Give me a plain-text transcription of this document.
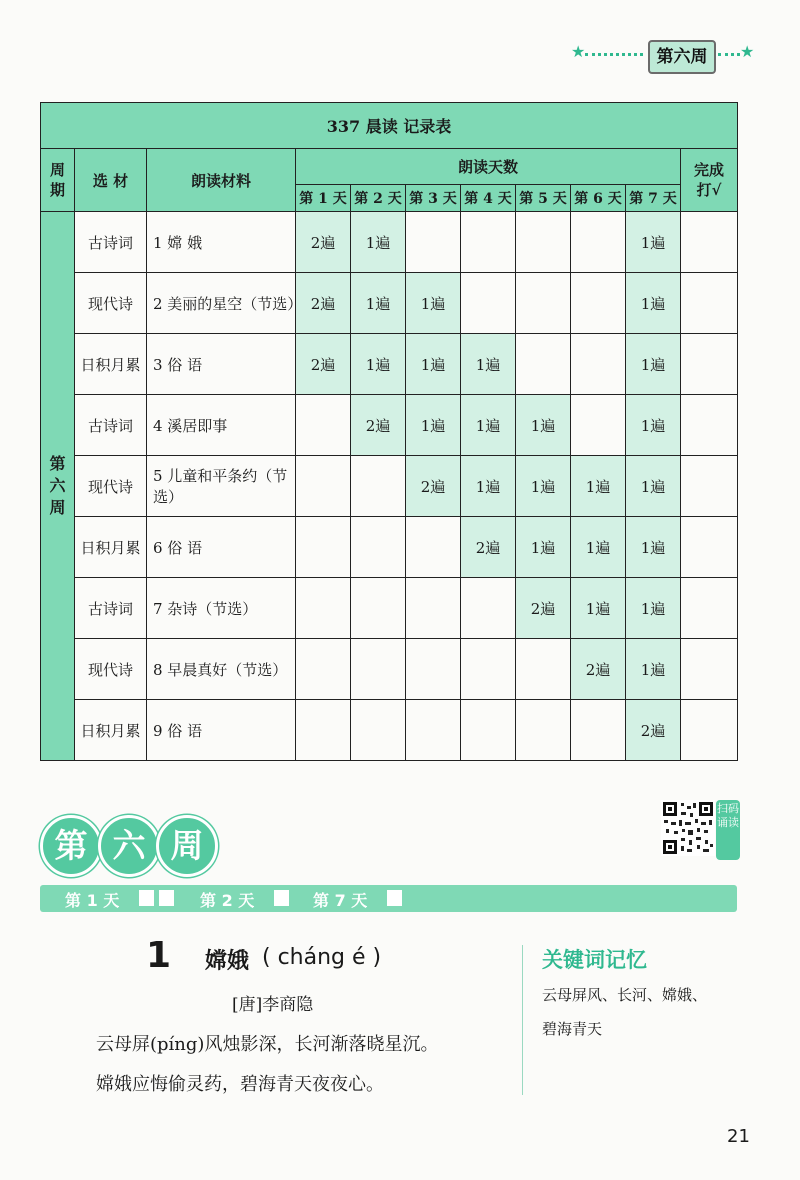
★	第六周	★
337 晨读 记录表										
周期	选 材	朗读材料	朗读天数							完成打√
			第 1 天	第 2 天	第 3 天	第 4 天	第 5 天	第 6 天	第 7 天	

第
六
周	古诗词	1 嫦 娥	2遍	1遍					1遍	
	现代诗	2 美丽的星空（节选）	2遍	1遍	1遍				1遍	
	日积月累	3 俗 语	2遍	1遍	1遍	1遍			1遍	
	古诗词	4 溪居即事		2遍	1遍	1遍	1遍		1遍	
	现代诗	5 儿童和平条约（节选）			2遍	1遍	1遍	1遍	1遍	
	日积月累	6 俗 语				2遍	1遍	1遍	1遍	
	古诗词	7 杂诗（节选）					2遍	1遍	1遍	
	现代诗	8 早晨真好（节选）						2遍	1遍	
	日积月累	9 俗 语							2遍	
第 六 周
扫码诵读
第 1 天	第 2 天	第 7 天
1 嫦娥 ( cháng é )
[唐]李商隐
云母屏(píng)风烛影深，长河渐落晓星沉。
嫦娥应悔偷灵药，碧海青天夜夜心。
关键词记忆
云母屏风、长河、嫦娥、
碧海青天
21
